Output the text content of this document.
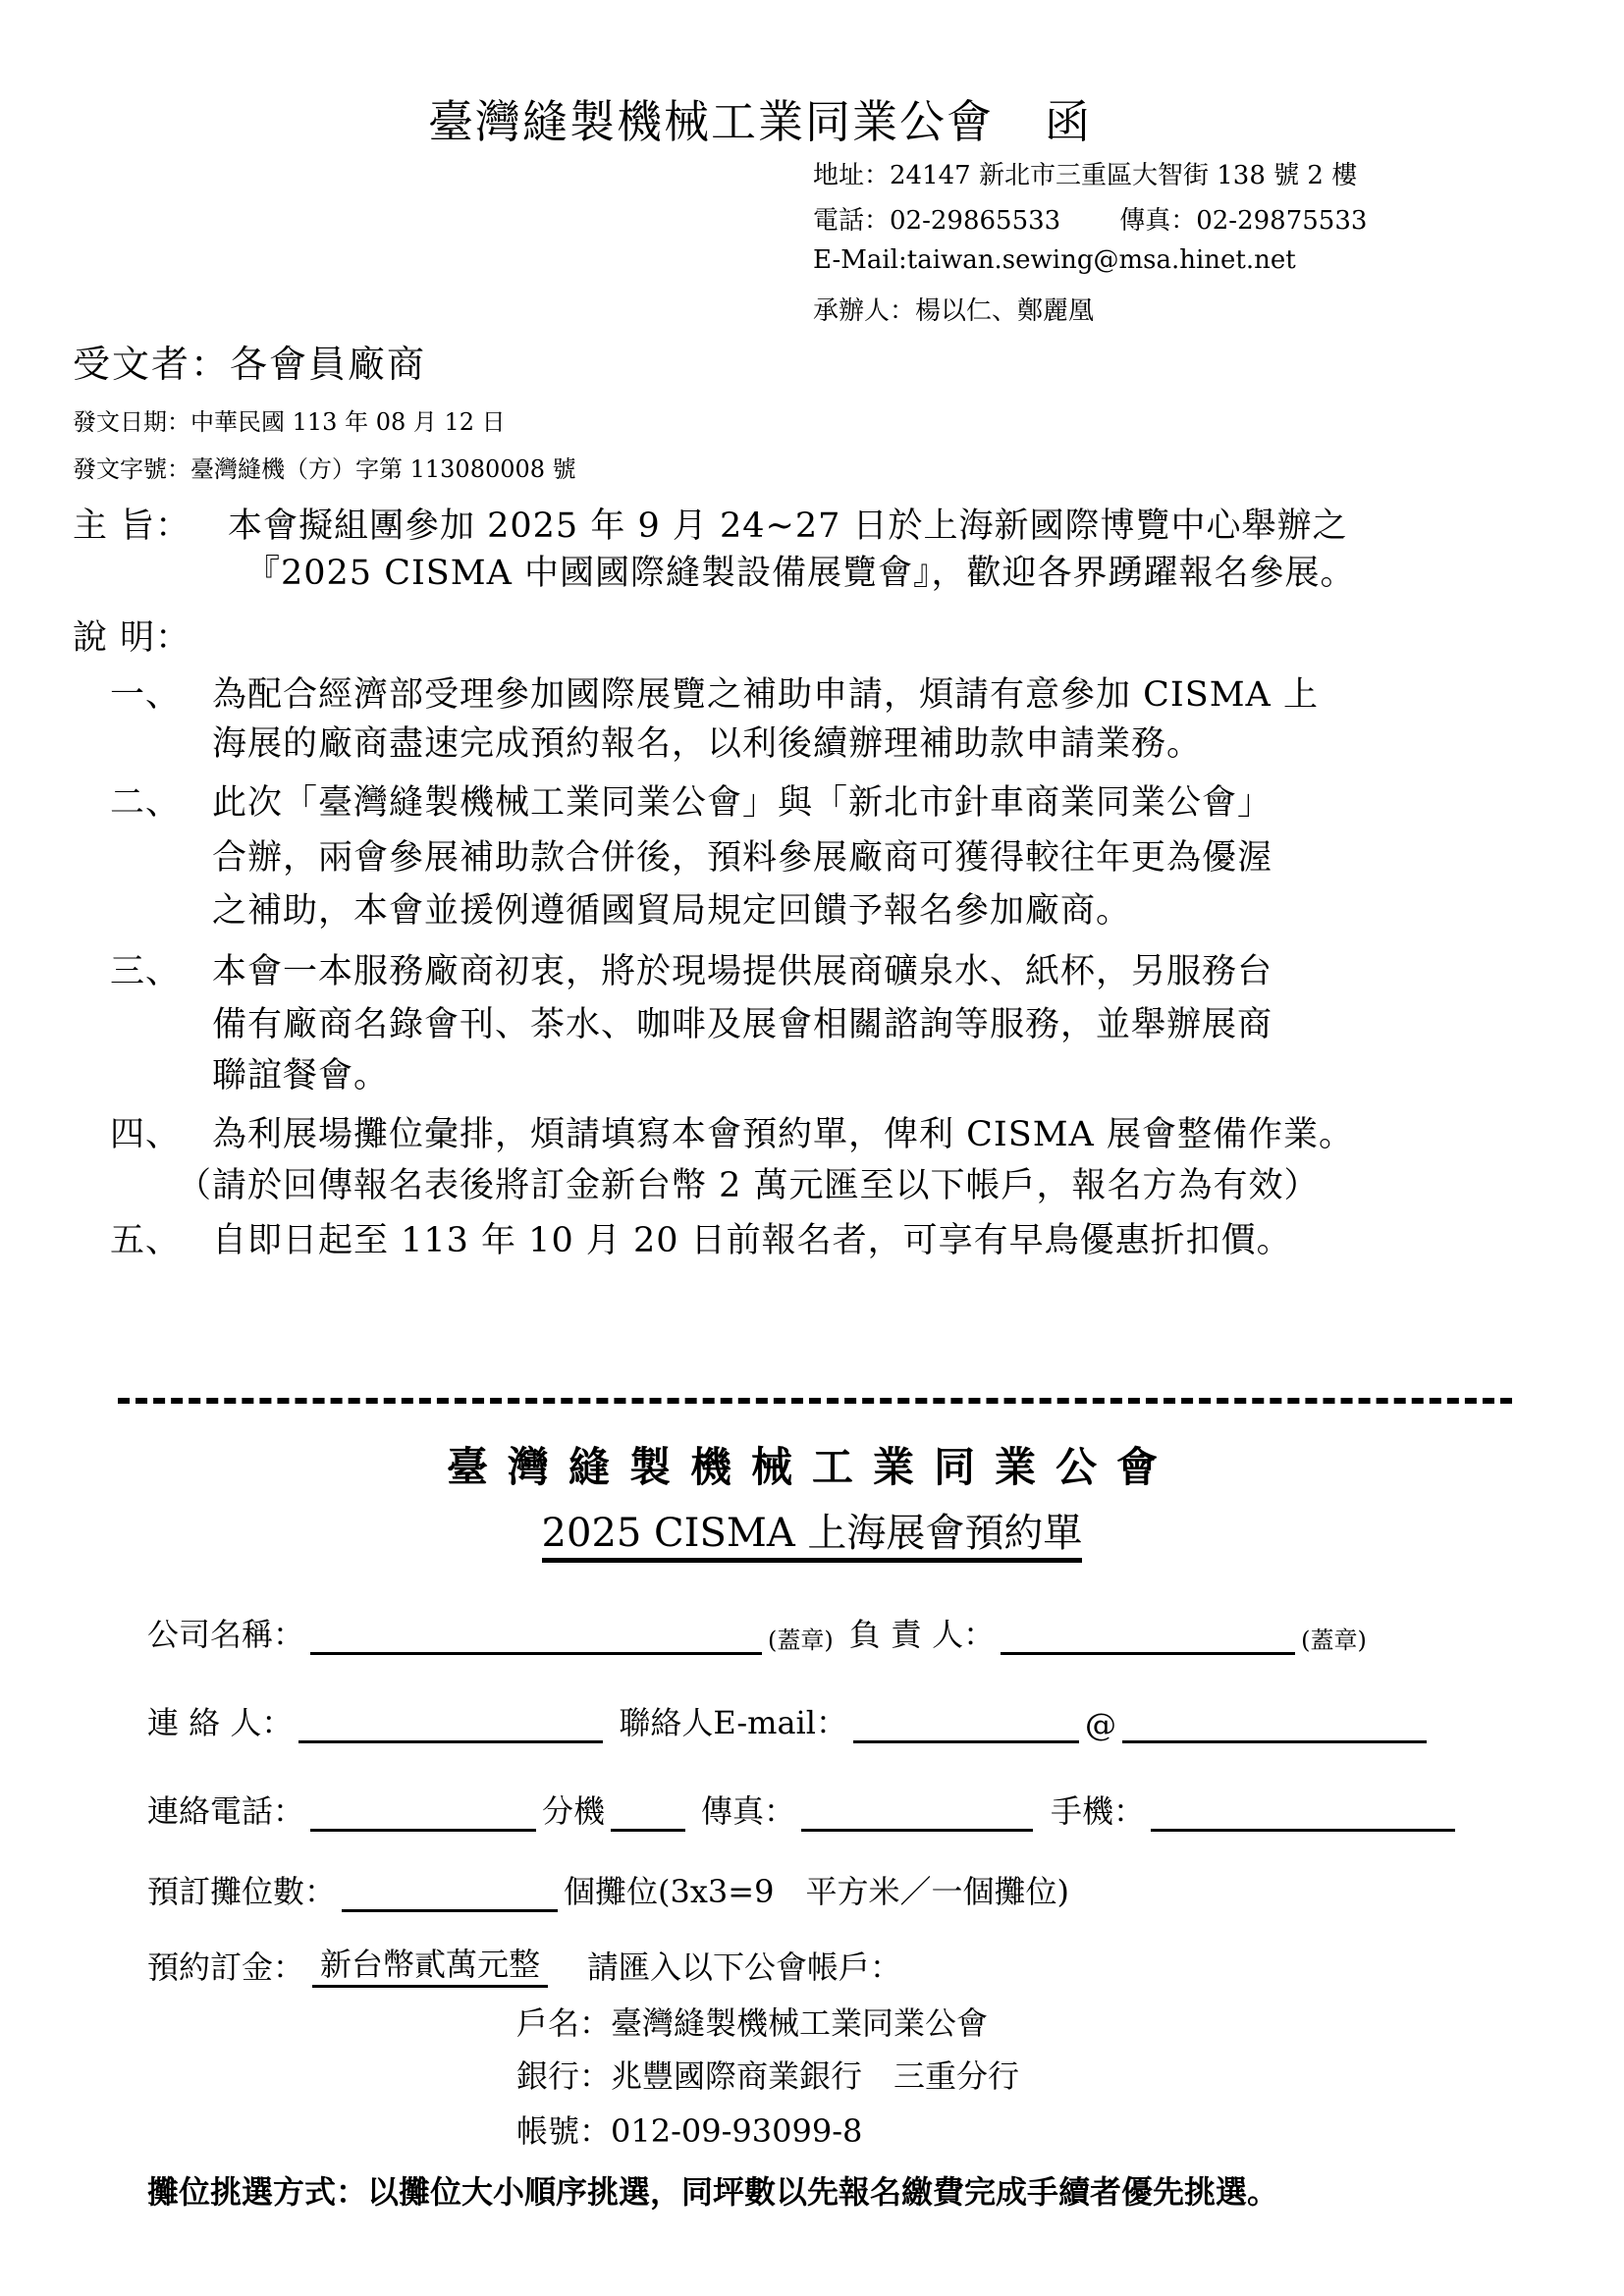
臺灣縫製機械工業同業公會 函
地址：24147 新北市三重區大智街 138 號 2 樓
電話：02-29865533 傳真：02-29875533
E-Mail:taiwan.sewing@msa.hinet.net
承辦人：楊以仁、鄭麗凰
受文者：各會員廠商
發文日期：中華民國 113 年 08 月 12 日
發文字號：臺灣縫機（方）字第 113080008 號
主 旨： 本會擬組團參加 2025 年 9 月 24~27 日於上海新國際博覽中心舉辦之
『2025 CISMA 中國國際縫製設備展覽會』，歡迎各界踴躍報名參展。
說 明：
一、 為配合經濟部受理參加國際展覽之補助申請，煩請有意參加 CISMA 上
海展的廠商盡速完成預約報名，以利後續辦理補助款申請業務。
二、 此次「臺灣縫製機械工業同業公會」與「新北市針車商業同業公會」
合辦，兩會參展補助款合併後，預料參展廠商可獲得較往年更為優渥
之補助，本會並援例遵循國貿局規定回饋予報名參加廠商。
三、 本會一本服務廠商初衷，將於現場提供展商礦泉水、紙杯，另服務台
備有廠商名錄會刊、茶水、咖啡及展會相關諮詢等服務，並舉辦展商
聯誼餐會。
四、 為利展場攤位彙排，煩請填寫本會預約單，俾利 CISMA 展會整備作業。
（請於回傳報名表後將訂金新台幣 2 萬元匯至以下帳戶，報名方為有效）
五、 自即日起至 113 年 10 月 20 日前報名者，可享有早鳥優惠折扣價。
臺灣縫製機械工業同業公會
2025 CISMA 上海展會預約單
公司名稱：	(蓋章) 負 責 人：	(蓋章)
連 絡 人：	聯絡人E-mail：	@
連絡電話：	分機	傳真：	手機：
預訂攤位數：	個攤位(3x3=9　平方米／一個攤位)
預約訂金： 新台幣貳萬元整 請匯入以下公會帳戶：
戶名：臺灣縫製機械工業同業公會
銀行：兆豐國際商業銀行　三重分行
帳號：012-09-93099-8
攤位挑選方式：以攤位大小順序挑選，同坪數以先報名繳費完成手續者優先挑選。
